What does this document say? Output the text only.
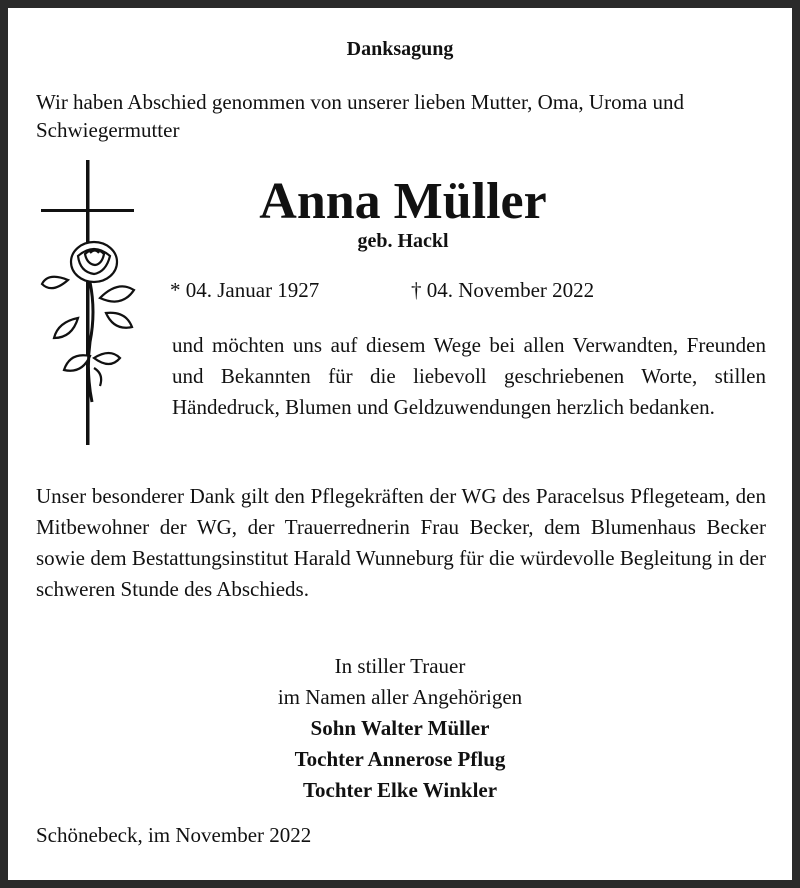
Danksagung

Wir haben Abschied genommen von unserer lieben Mutter, Oma, Uroma und Schwiegermutter

Anna Müller

geb. Hackl

* 04. Januar 1927	† 04. November 2022

und möchten uns auf diesem Wege bei allen Verwandten, Freunden und Bekannten für die liebevoll geschriebenen Worte, stillen Händedruck, Blumen und Geldzuwendungen herzlich bedanken.

Unser besonderer Dank gilt den Pflegekräften der WG des Paracelsus Pflegeteam, den Mitbewohner der WG, der Trauerrednerin Frau Becker, dem Blumenhaus Becker sowie dem Bestattungsinstitut Harald Wunneburg für die würdevolle Begleitung in der schweren Stunde des Abschieds.

In stiller Trauer
im Namen aller Angehörigen
Sohn Walter Müller
Tochter Annerose Pflug
Tochter Elke Winkler

Schönebeck, im November 2022
